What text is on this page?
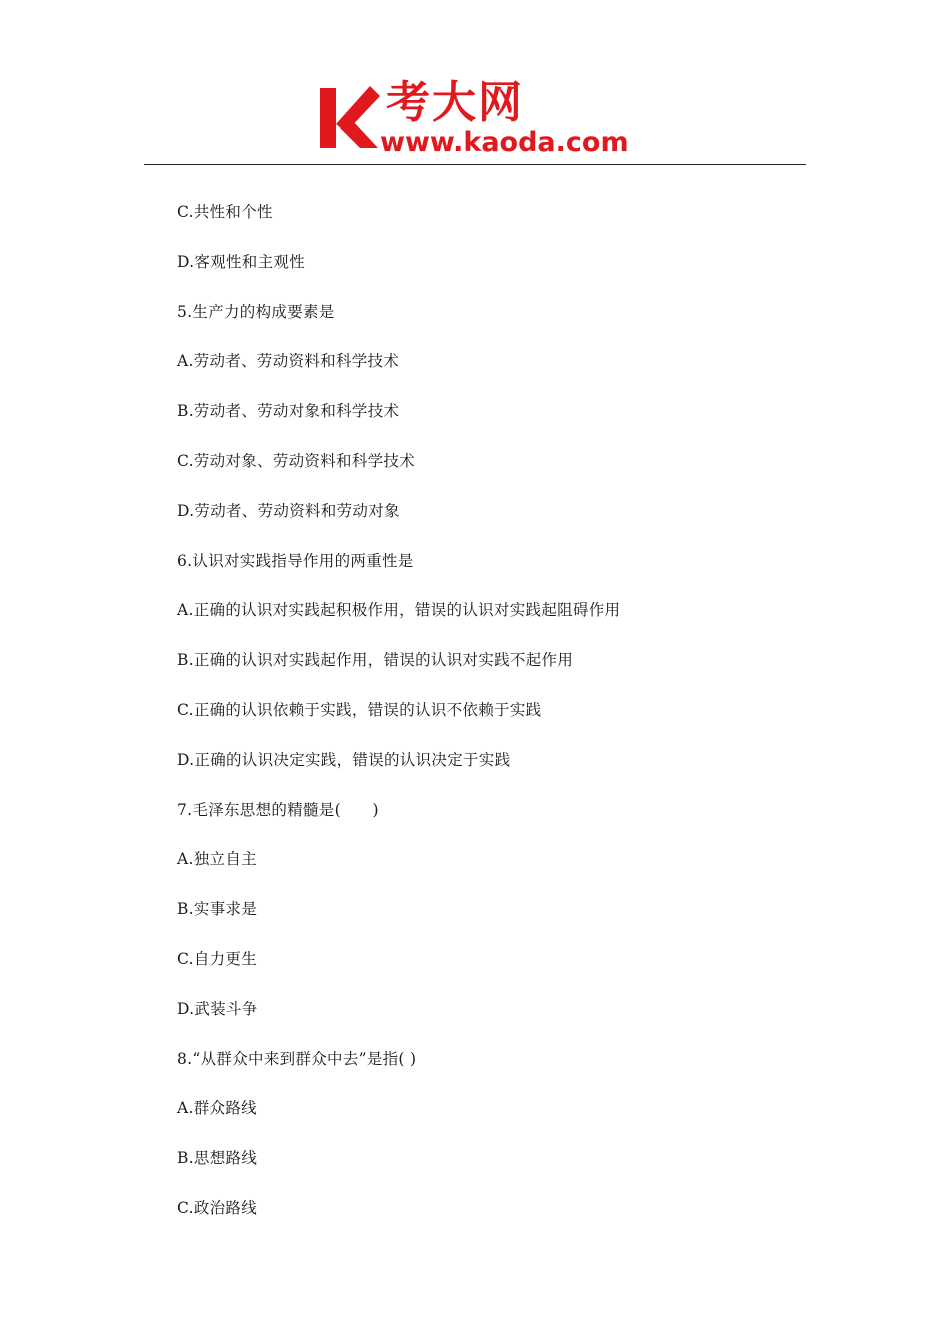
考大网
www.kaoda.com
C.共性和个性
D.客观性和主观性
5.生产力的构成要素是
A.劳动者、劳动资料和科学技术
B.劳动者、劳动对象和科学技术
C.劳动对象、劳动资料和科学技术
D.劳动者、劳动资料和劳动对象
6.认识对实践指导作用的两重性是
A.正确的认识对实践起积极作用，错误的认识对实践起阻碍作用
B.正确的认识对实践起作用，错误的认识对实践不起作用
C.正确的认识依赖于实践，错误的认识不依赖于实践
D.正确的认识决定实践，错误的认识决定于实践
7.毛泽东思想的精髓是(　　)
A.独立自主
B.实事求是
C.自力更生
D.武装斗争
8.“从群众中来到群众中去”是指( )
A.群众路线
B.思想路线
C.政治路线
